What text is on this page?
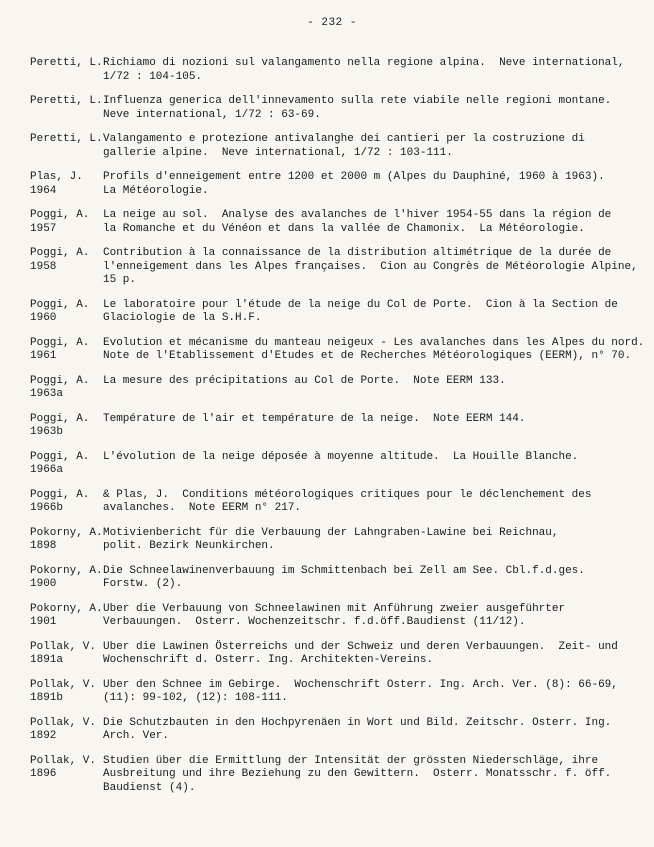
- 232 -
Peretti, L. Richiamo di nozioni sul valangamento nella regione alpina.  Neve international,
1/72 : 104-105.
Peretti, L. Influenza generica dell'innevamento sulla rete viabile nelle regioni montane.
Neve international, 1/72 : 63-69.
Peretti, L. Valangamento e protezione antivalanghe dei cantieri per la costruzione di
gallerie alpine.  Neve international, 1/72 : 103-111.
Plas, J.
1964
Profils d'enneigement entre 1200 et 2000 m (Alpes du Dauphiné, 1960 à 1963).
La Météorologie.
Poggi, A.
1957
La neige au sol.  Analyse des avalanches de l'hiver 1954-55 dans la région de
la Romanche et du Vénéon et dans la vallée de Chamonix.  La Météorologie.
Poggi, A.
1958
Contribution à la connaissance de la distribution altimétrique de la durée de
l'enneigement dans les Alpes françaises.  Cion au Congrès de Météorologie Alpine,
15 p.
Poggi, A.
1960
Le laboratoire pour l'étude de la neige du Col de Porte.  Cion à la Section de
Glaciologie de la S.H.F.
Poggi, A.
1961
Evolution et mécanisme du manteau neigeux - Les avalanches dans les Alpes du nord.
Note de l'Etablissement d'Etudes et de Recherches Météorologiques (EERM), n° 70.
Poggi, A.
1963a
La mesure des précipitations au Col de Porte.  Note EERM 133.
Poggi, A.
1963b
Température de l'air et température de la neige.  Note EERM 144.
Poggi, A.
1966a
L'évolution de la neige déposée à moyenne altitude.  La Houille Blanche.
Poggi, A.
1966b
& Plas, J.  Conditions météorologiques critiques pour le déclenchement des
avalanches.  Note EERM n° 217.
Pokorny, A.
1898
Motivienbericht für die Verbauung der Lahngraben-Lawine bei Reichnau,
polit. Bezirk Neunkirchen.
Pokorny, A.
1900
Die Schneelawinenverbauung im Schmittenbach bei Zell am See. Cbl.f.d.ges.
Forstw. (2).
Pokorny, A.
1901
Uber die Verbauung von Schneelawinen mit Anführung zweier ausgeführter
Verbauungen.  Osterr. Wochenzeitschr. f.d.öff.Baudienst (11/12).
Pollak, V.
1891a
Uber die Lawinen Österreichs und der Schweiz und deren Verbauungen.  Zeit- und
Wochenschrift d. Osterr. Ing. Architekten-Vereins.
Pollak, V.
1891b
Uber den Schnee im Gebirge.  Wochenschrift Osterr. Ing. Arch. Ver. (8): 66-69,
(11): 99-102, (12): 108-111.
Pollak, V.
1892
Die Schutzbauten in den Hochpyrenäen in Wort und Bild. Zeitschr. Osterr. Ing.
Arch. Ver.
Pollak, V.
1896
Studien über die Ermittlung der Intensität der grössten Niederschläge, ihre
Ausbreitung und ihre Beziehung zu den Gewittern.  Osterr. Monatsschr. f. öff.
Baudienst (4).
